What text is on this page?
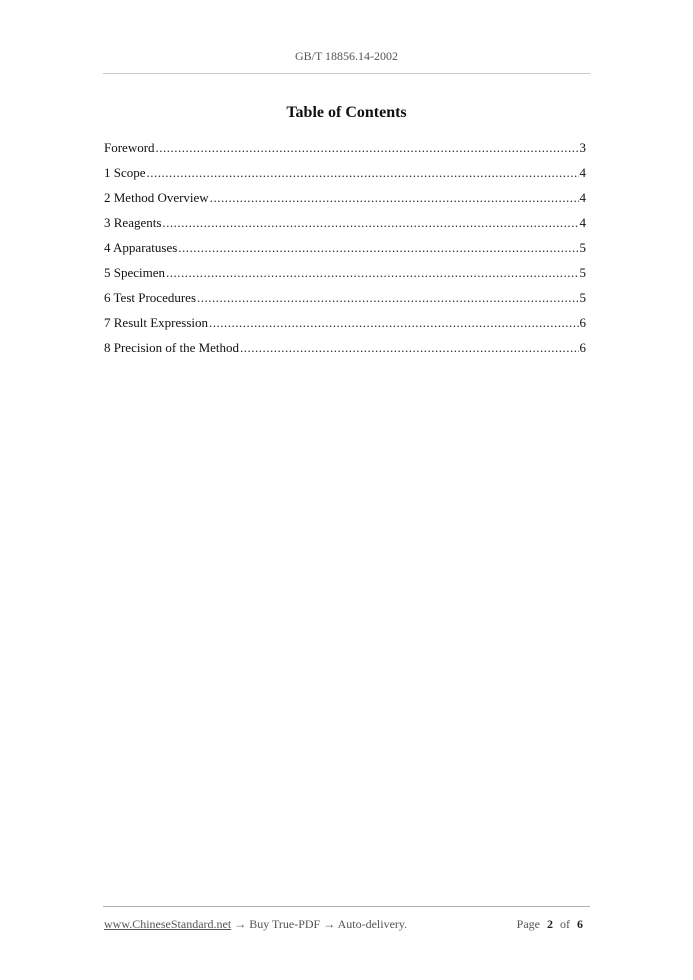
GB/T 18856.14-2002
Table of Contents
Foreword .....	3
1 Scope .....	4
2 Method Overview .....	4
3 Reagents .....	4
4 Apparatuses .....	5
5 Specimen .....	5
6 Test Procedures .....	5
7 Result Expression .....	6
8 Precision of the Method .....	6
www.ChineseStandard.net → Buy True-PDF → Auto-delivery.	Page 2 of 6
